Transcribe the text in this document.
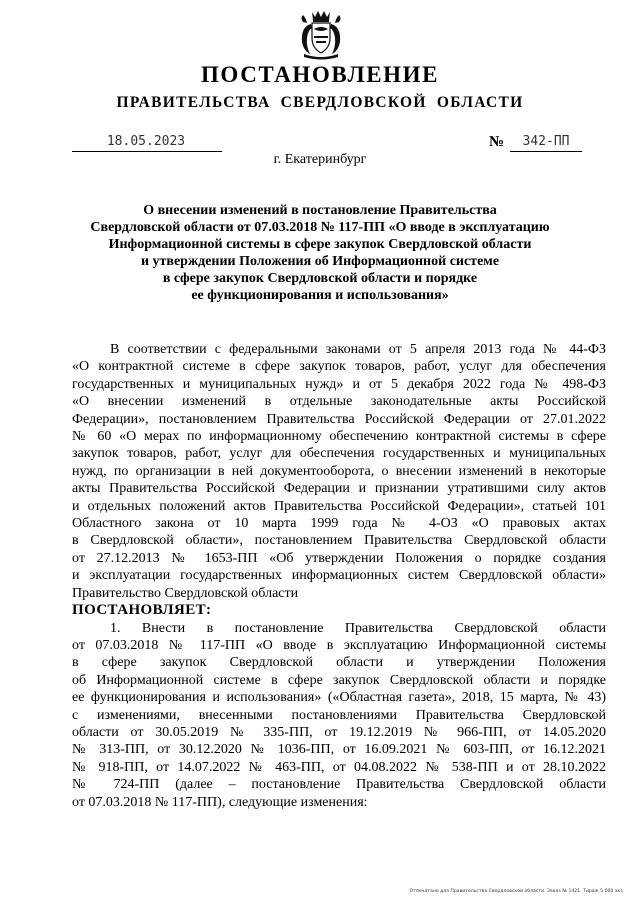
ПОСТАНОВЛЕНИЕ
ПРАВИТЕЛЬСТВА СВЕРДЛОВСКОЙ ОБЛАСТИ
18.05.2023	№	342-ПП
г. Екатеринбург
О внесении изменений в постановление Правительства
Свердловской области от 07.03.2018 № 117-ПП «О вводе в эксплуатацию
Информационной системы в сфере закупок Свердловской области
и утверждении Положения об Информационной системе
в сфере закупок Свердловской области и порядке
ее функционирования и использования»
В соответствии с федеральными законами от 5 апреля 2013 года № 44-ФЗ
«О контрактной системе в сфере закупок товаров, работ, услуг для обеспечения
государственных и муниципальных нужд» и от 5 декабря 2022 года № 498-ФЗ
«О внесении изменений в отдельные законодательные акты Российской
Федерации», постановлением Правительства Российской Федерации от 27.01.2022
№ 60 «О мерах по информационному обеспечению контрактной системы в сфере
закупок товаров, работ, услуг для обеспечения государственных и муниципальных
нужд, по организации в ней документооборота, о внесении изменений в некоторые
акты Правительства Российской Федерации и признании утратившими силу актов
и отдельных положений актов Правительства Российской Федерации», статьей 101
Областного закона от 10 марта 1999 года № 4-ОЗ «О правовых актах
в Свердловской области», постановлением Правительства Свердловской области
от 27.12.2013 № 1653-ПП «Об утверждении Положения о порядке создания
и эксплуатации государственных информационных систем Свердловской области»
Правительство Свердловской области
ПОСТАНОВЛЯЕТ:
1. Внести в постановление Правительства Свердловской области
от 07.03.2018 № 117-ПП «О вводе в эксплуатацию Информационной системы
в сфере закупок Свердловской области и утверждении Положения
об Информационной системе в сфере закупок Свердловской области и порядке
ее функционирования и использования» («Областная газета», 2018, 15 марта, № 43)
с изменениями, внесенными постановлениями Правительства Свердловской
области от 30.05.2019 № 335-ПП, от 19.12.2019 № 966-ПП, от 14.05.2020
№ 313-ПП, от 30.12.2020 № 1036-ПП, от 16.09.2021 № 603-ПП, от 16.12.2021
№ 918-ПП, от 14.07.2022 № 463-ПП, от 04.08.2022 № 538-ПП и от 28.10.2022
№ 724-ПП (далее – постановление Правительства Свердловской области
от 07.03.2018 № 117-ПП), следующие изменения:
Отпечатано для Правительства Свердловской области. Заказ № 1421. Тираж 5 000 экз.
